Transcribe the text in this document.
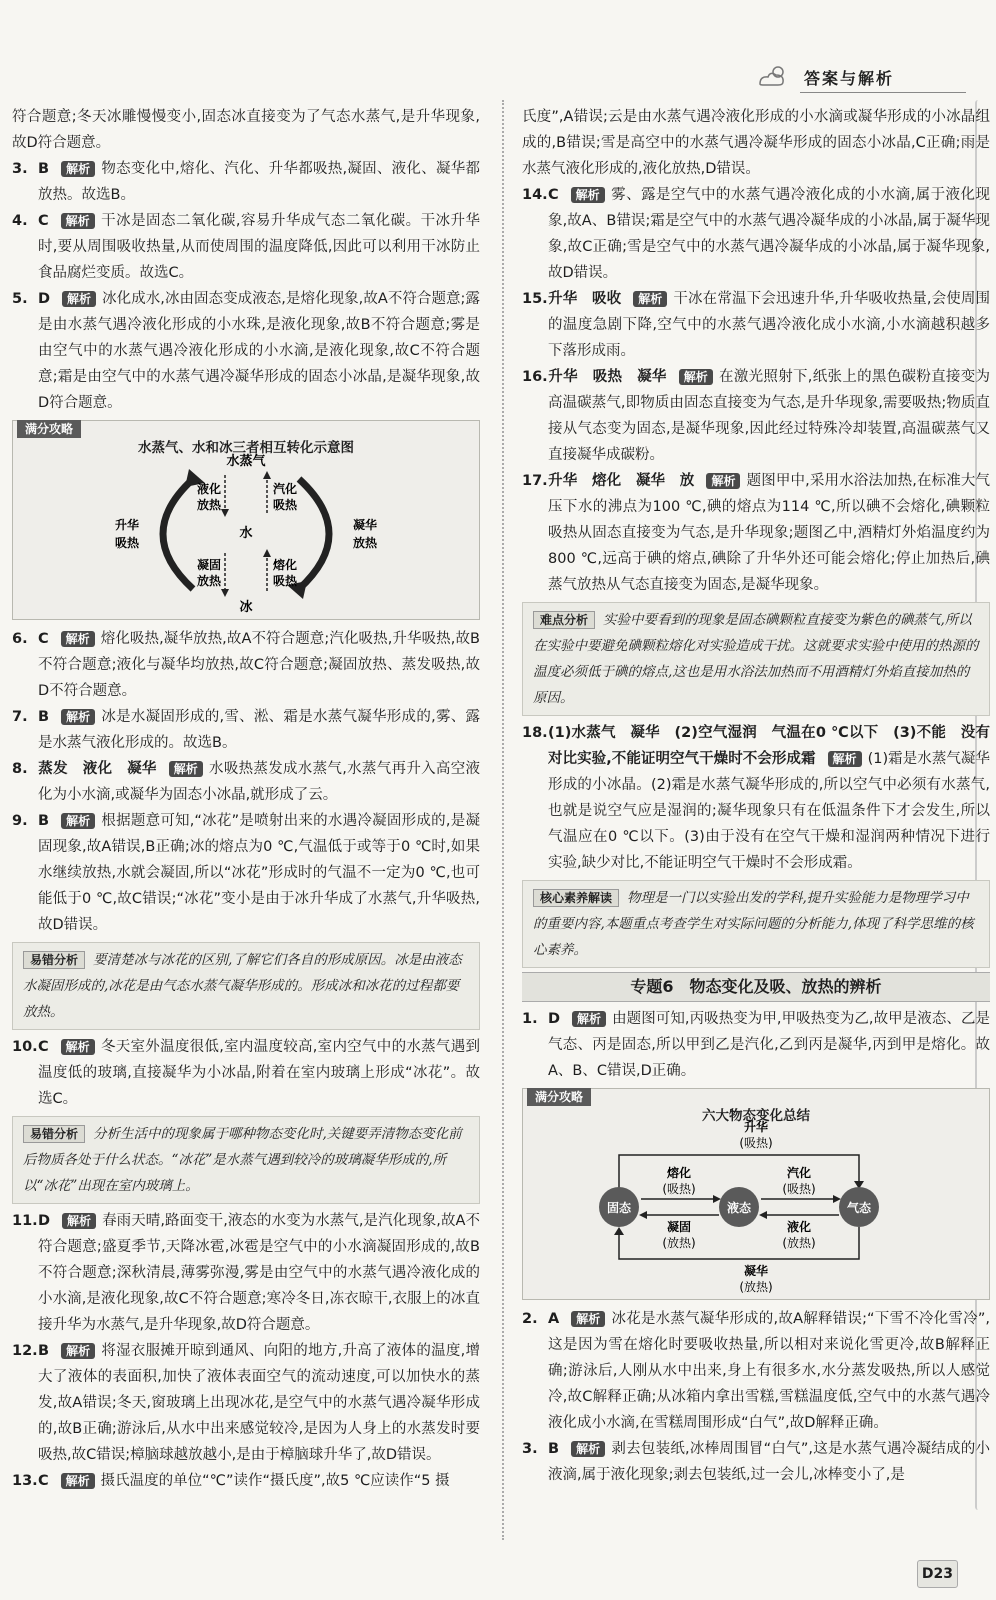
答案与解析

符合题意;冬天冰雕慢慢变小,固态冰直接变为了气态水蒸气,是升华现象,故D符合题意。

3. B 解析 物态变化中,熔化、汽化、升华都吸热,凝固、液化、凝华都放热。故选B。

4. C 解析 干冰是固态二氧化碳,容易升华成气态二氧化碳。干冰升华时,要从周围吸收热量,从而使周围的温度降低,因此可以利用干冰防止食品腐烂变质。故选C。

5. D 解析 冰化成水,冰由固态变成液态,是熔化现象,故A不符合题意;露是由水蒸气遇冷液化形成的小水珠,是液化现象,故B不符合题意;雾是由空气中的水蒸气遇冷液化形成的小水滴,是液化现象,故C不符合题意;霜是由空气中的水蒸气遇冷凝华形成的固态小冰晶,是凝华现象,故D符合题意。

满分攻略
水蒸气、水和冰三者相互转化示意图
水蒸气
水
冰
升华
吸热
凝华
放热
液化
放热
汽化
吸热
凝固
放热
熔化
吸热

6. C 解析 熔化吸热,凝华放热,故A不符合题意;汽化吸热,升华吸热,故B不符合题意;液化与凝华均放热,故C符合题意;凝固放热、蒸发吸热,故D不符合题意。

7. B 解析 冰是水凝固形成的,雪、淞、霜是水蒸气凝华形成的,雾、露是水蒸气液化形成的。故选B。

8. 蒸发　液化　凝华 解析 水吸热蒸发成水蒸气,水蒸气再升入高空液化为小水滴,或凝华为固态小冰晶,就形成了云。

9. B 解析 根据题意可知,“冰花”是喷射出来的水遇冷凝固形成的,是凝固现象,故A错误,B正确;冰的熔点为0 ℃,气温低于或等于0 ℃时,如果水继续放热,水就会凝固,所以“冰花”形成时的气温不一定为0 ℃,也可能低于0 ℃,故C错误;“冰花”变小是由于冰升华成了水蒸气,升华吸热,故D错误。

易错分析 要清楚冰与冰花的区别,了解它们各自的形成原因。冰是由液态水凝固形成的,冰花是由气态水蒸气凝华形成的。形成冰和冰花的过程都要放热。

10.C 解析 冬天室外温度很低,室内温度较高,室内空气中的水蒸气遇到温度低的玻璃,直接凝华为小冰晶,附着在室内玻璃上形成“冰花”。故选C。

易错分析 分析生活中的现象属于哪种物态变化时,关键要弄清物态变化前后物质各处于什么状态。“冰花”是水蒸气遇到较冷的玻璃凝华形成的,所以“冰花”出现在室内玻璃上。

11.D 解析 春雨天晴,路面变干,液态的水变为水蒸气,是汽化现象,故A不符合题意;盛夏季节,天降冰雹,冰雹是空气中的小水滴凝固形成的,故B不符合题意;深秋清晨,薄雾弥漫,雾是由空气中的水蒸气遇冷液化成的小水滴,是液化现象,故C不符合题意;寒冷冬日,冻衣晾干,衣服上的冰直接升华为水蒸气,是升华现象,故D符合题意。

12.B 解析 将湿衣服摊开晾到通风、向阳的地方,升高了液体的温度,增大了液体的表面积,加快了液体表面空气的流动速度,可以加快水的蒸发,故A错误;冬天,窗玻璃上出现冰花,是空气中的水蒸气遇冷凝华形成的,故B正确;游泳后,从水中出来感觉较冷,是因为人身上的水蒸发时要吸热,故C错误;樟脑球越放越小,是由于樟脑球升华了,故D错误。

13.C 解析 摄氏温度的单位“℃”读作“摄氏度”,故5 ℃应读作“5 摄

氏度”,A错误;云是由水蒸气遇冷液化形成的小水滴或凝华形成的小冰晶组成的,B错误;雪是高空中的水蒸气遇冷凝华形成的固态小冰晶,C正确;雨是水蒸气液化形成的,液化放热,D错误。

14.C 解析 雾、露是空气中的水蒸气遇冷液化成的小水滴,属于液化现象,故A、B错误;霜是空气中的水蒸气遇冷凝华成的小冰晶,属于凝华现象,故C正确;雪是空气中的水蒸气遇冷凝华成的小冰晶,属于凝华现象,故D错误。

15.升华　吸收 解析 干冰在常温下会迅速升华,升华吸收热量,会使周围的温度急剧下降,空气中的水蒸气遇冷液化成小水滴,小水滴越积越多下落形成雨。

16.升华　吸热　凝华 解析 在激光照射下,纸张上的黑色碳粉直接变为高温碳蒸气,即物质由固态直接变为气态,是升华现象,需要吸热;物质直接从气态变为固态,是凝华现象,因此经过特殊冷却装置,高温碳蒸气又直接凝华成碳粉。

17.升华　熔化　凝华　放 解析 题图甲中,采用水浴法加热,在标准大气压下水的沸点为100 ℃,碘的熔点为114 ℃,所以碘不会熔化,碘颗粒吸热从固态直接变为气态,是升华现象;题图乙中,酒精灯外焰温度约为800 ℃,远高于碘的熔点,碘除了升华外还可能会熔化;停止加热后,碘蒸气放热从气态直接变为固态,是凝华现象。

难点分析 实验中要看到的现象是固态碘颗粒直接变为紫色的碘蒸气,所以在实验中要避免碘颗粒熔化对实验造成干扰。这就要求实验中使用的热源的温度必须低于碘的熔点,这也是用水浴法加热而不用酒精灯外焰直接加热的原因。

18.(1)水蒸气　凝华　(2)空气湿润　气温在0 ℃以下　(3)不能　没有对比实验,不能证明空气干燥时不会形成霜 解析 (1)霜是水蒸气凝华形成的小冰晶。(2)霜是水蒸气凝华形成的,所以空气中必须有水蒸气,也就是说空气应是湿润的;凝华现象只有在低温条件下才会发生,所以气温应在0 ℃以下。(3)由于没有在空气干燥和湿润两种情况下进行实验,缺少对比,不能证明空气干燥时不会形成霜。

核心素养解读 物理是一门以实验出发的学科,提升实验能力是物理学习中的重要内容,本题重点考查学生对实际问题的分析能力,体现了科学思维的核心素养。
专题6　物态变化及吸、放热的辨析

1. D 解析 由题图可知,丙吸热变为甲,甲吸热变为乙,故甲是液态、乙是气态、丙是固态,所以甲到乙是汽化,乙到丙是凝华,丙到甲是熔化。故A、B、C错误,D正确。

满分攻略
六大物态变化总结
升华
(吸热)
固态	液态	气态
熔化
(吸热)
凝固
(放热)
汽化
(吸热)
液化
(放热)
凝华
(放热)

2. A 解析 冰花是水蒸气凝华形成的,故A解释错误;“下雪不冷化雪冷”,这是因为雪在熔化时要吸收热量,所以相对来说化雪更冷,故B解释正确;游泳后,人刚从水中出来,身上有很多水,水分蒸发吸热,所以人感觉冷,故C解释正确;从冰箱内拿出雪糕,雪糕温度低,空气中的水蒸气遇冷液化成小水滴,在雪糕周围形成“白气”,故D解释正确。

3. B 解析 剥去包装纸,冰棒周围冒“白气”,这是水蒸气遇冷凝结成的小液滴,属于液化现象;剥去包装纸,过一会儿,冰棒变小了,是

D23
